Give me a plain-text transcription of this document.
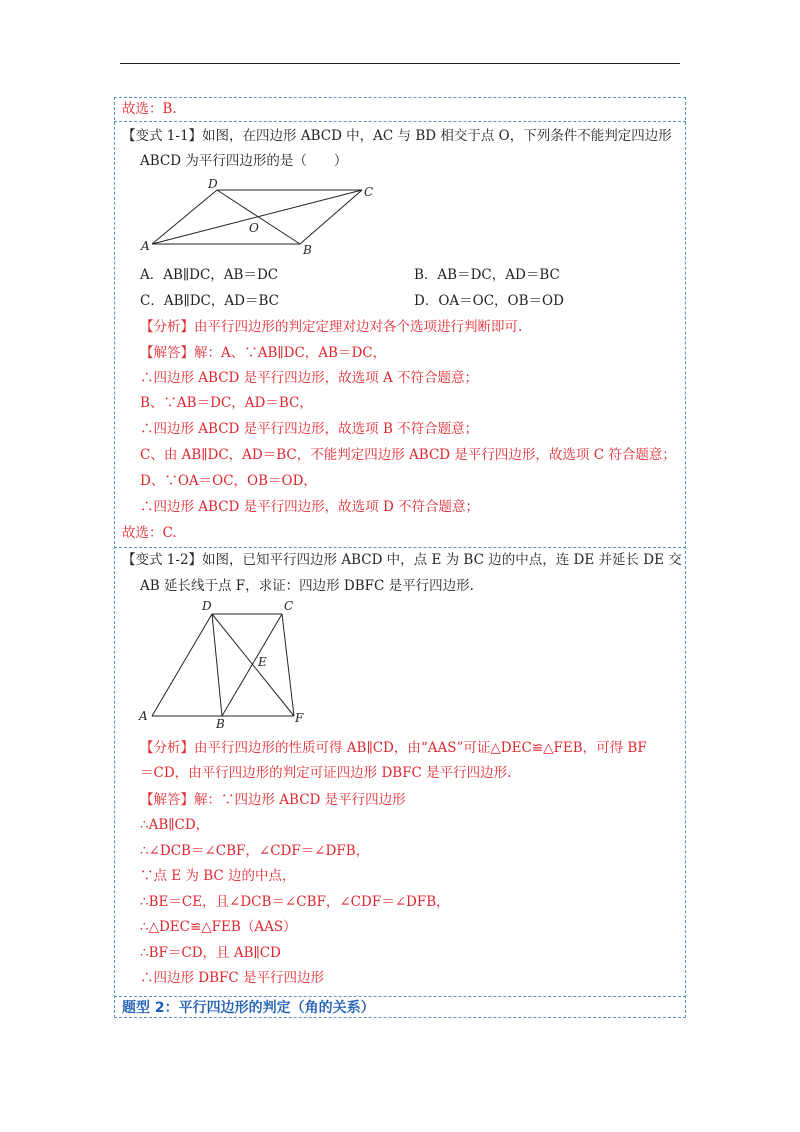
故选：B.
【变式 1-1】如图，在四边形 ABCD 中，AC 与 BD 相交于点 O，下列条件不能判定四边形
ABCD 为平行四边形的是（　　）
D
C
A	B
O
A．AB∥DC，AB＝DC	B．AB＝DC，AD＝BC
C．AB∥DC，AD＝BC	D．OA＝OC，OB＝OD
【分析】由平行四边形的判定定理对边对各个选项进行判断即可.
【解答】解：A、∵AB∥DC，AB＝DC，
∴四边形 ABCD 是平行四边形，故选项 A 不符合题意；
B、∵AB＝DC，AD＝BC，
∴四边形 ABCD 是平行四边形，故选项 B 不符合题意；
C、由 AB∥DC，AD＝BC，不能判定四边形 ABCD 是平行四边形，故选项 C 符合题意；
D、∵OA＝OC，OB＝OD，
∴四边形 ABCD 是平行四边形，故选项 D 不符合题意；
故选：C.
【变式 1-2】如图，已知平行四边形 ABCD 中，点 E 为 BC 边的中点，连 DE 并延长 DE 交
AB 延长线于点 F，求证：四边形 DBFC 是平行四边形.
D	C
E
A
B	F
【分析】由平行四边形的性质可得 AB∥CD，由“AAS”可证△DEC≌△FEB，可得 BF
＝CD，由平行四边形的判定可证四边形 DBFC 是平行四边形.
【解答】解：∵四边形 ABCD 是平行四边形
∴AB∥CD，
∴∠DCB＝∠CBF，∠CDF＝∠DFB，
∵点 E 为 BC 边的中点，
∴BE＝CE，且∠DCB＝∠CBF，∠CDF＝∠DFB，
∴△DEC≌△FEB（AAS）
∴BF＝CD，且 AB∥CD
∴四边形 DBFC 是平行四边形
题型 2：平行四边形的判定（角的关系）
